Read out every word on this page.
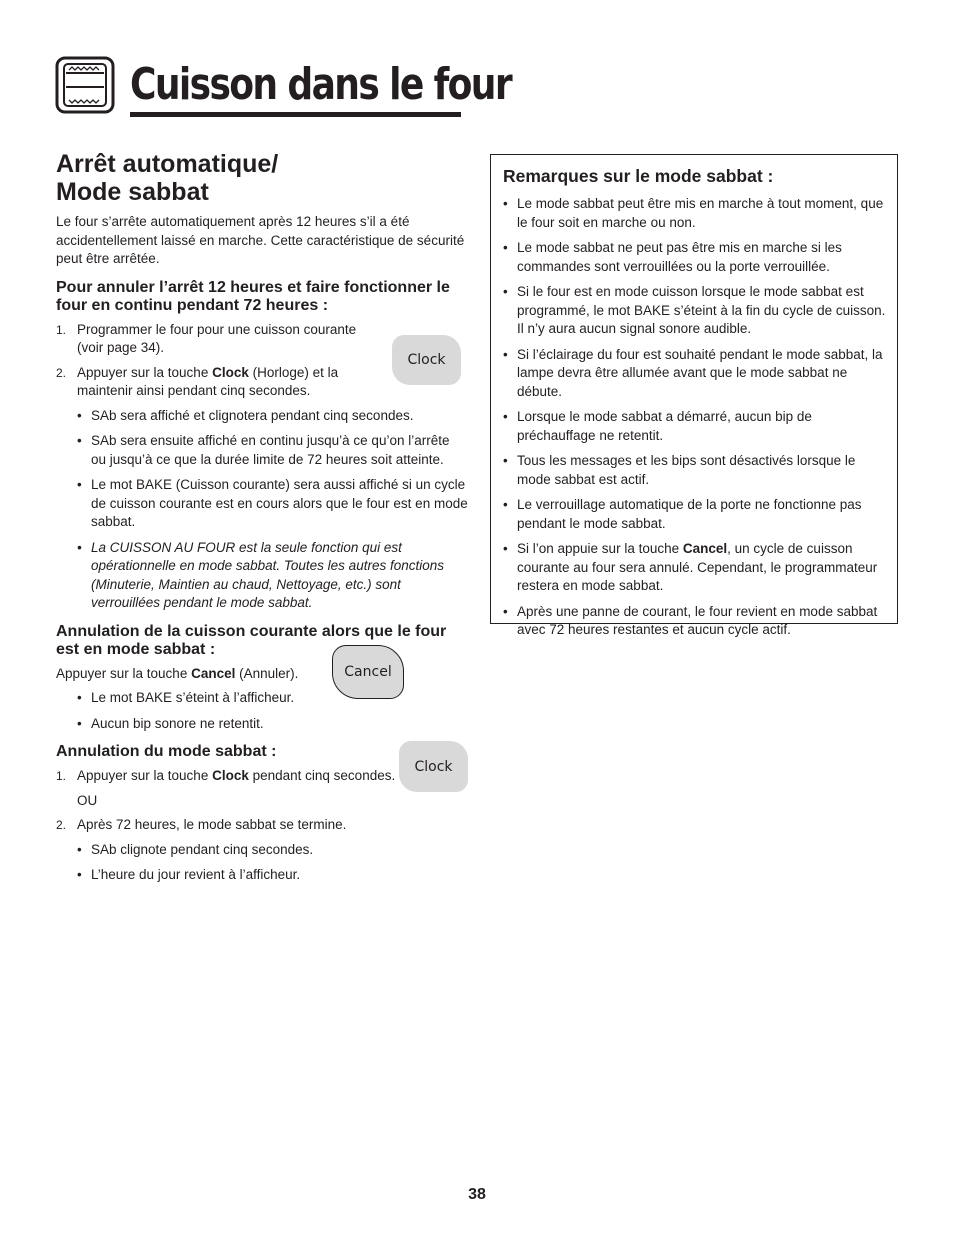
Cuisson dans le four
Arrêt automatique/
Mode sabbat

Le four s’arrête automatiquement après 12 heures s’il a été accidentellement laissé en marche. Cette caractéristique de sécurité peut être arrêtée.

Pour annuler l’arrêt 12 heures et faire fonctionner le four en continu pendant 72 heures :
1. Programmer le four pour une cuisson courante (voir page 34).
2. Appuyer sur la touche Clock (Horloge) et la maintenir ainsi pendant cinq secondes.
• SAb sera affiché et clignotera pendant cinq secondes.
• SAb sera ensuite affiché en continu jusqu’à ce qu’on l’arrête ou jusqu’à ce que la durée limite de 72 heures soit atteinte.
• Le mot BAKE (Cuisson courante) sera aussi affiché si un cycle de cuisson courante est en cours alors que le four est en mode sabbat.
• La CUISSON AU FOUR est la seule fonction qui est opérationnelle en mode sabbat. Toutes les autres fonctions (Minuterie, Maintien au chaud, Nettoyage, etc.) sont verrouillées pendant le mode sabbat.
Annulation de la cuisson courante alors que le four est en mode sabbat :

Appuyer sur la touche Cancel (Annuler).

• Le mot BAKE s’éteint à l’afficheur.
• Aucun bip sonore ne retentit.
Annulation du mode sabbat :
1. Appuyer sur la touche Clock pendant cinq secondes.
OU
2. Après 72 heures, le mode sabbat se termine.
• SAb clignote pendant cinq secondes.
• L’heure du jour revient à l’afficheur.
Clock
Cancel
Clock
Remarques sur le mode sabbat :
• Le mode sabbat peut être mis en marche à tout moment, que le four soit en marche ou non.
• Le mode sabbat ne peut pas être mis en marche si les commandes sont verrouillées ou la porte verrouillée.
• Si le four est en mode cuisson lorsque le mode sabbat est programmé, le mot BAKE s’éteint à la fin du cycle de cuisson. Il n’y aura aucun signal sonore audible.
• Si l’éclairage du four est souhaité pendant le mode sabbat, la lampe devra être allumée avant que le mode sabbat ne débute.
• Lorsque le mode sabbat a démarré, aucun bip de préchauffage ne retentit.
• Tous les messages et les bips sont désactivés lorsque le mode sabbat est actif.
• Le verrouillage automatique de la porte ne fonctionne pas pendant le mode sabbat.
• Si l’on appuie sur la touche Cancel, un cycle de cuisson courante au four sera annulé. Cependant, le programmateur restera en mode sabbat.
• Après une panne de courant, le four revient en mode sabbat avec 72 heures restantes et aucun cycle actif.
38
